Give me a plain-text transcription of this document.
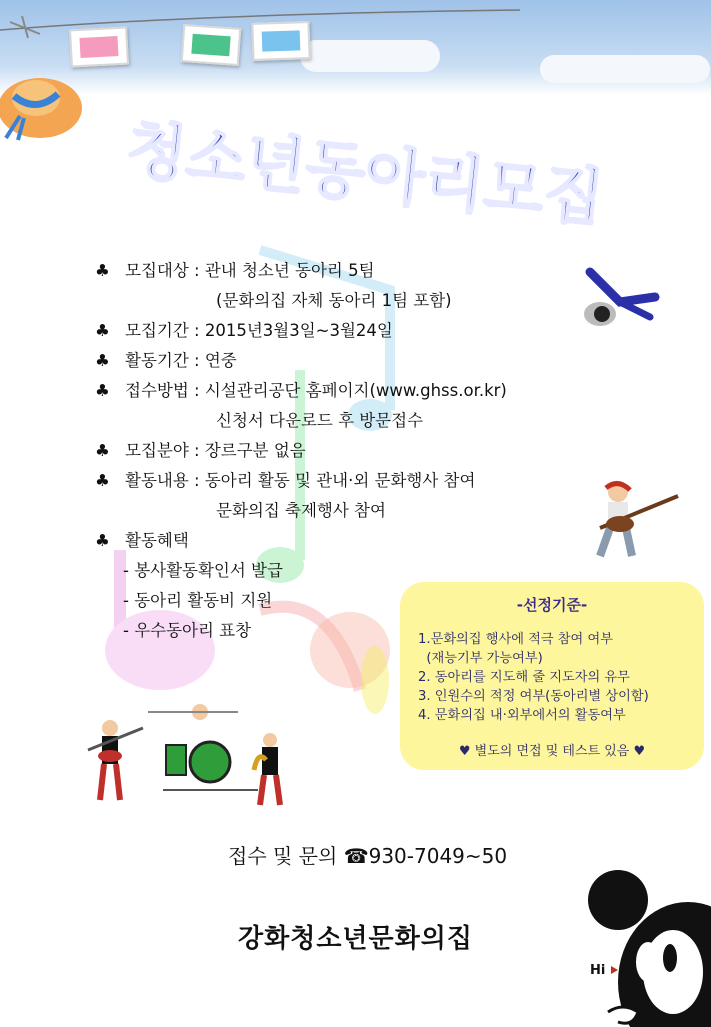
청소년동아리모집
♣ 모집대상 : 관내 청소년 동아리 5팀
(문화의집 자체 동아리 1팀 포함)
♣ 모집기간 : 2015년3월3일~3월24일
♣ 활동기간 : 연중
♣ 접수방법 : 시설관리공단 홈페이지(www.ghss.or.kr)
신청서 다운로드 후 방문접수
♣ 모집분야 : 장르구분 없음
♣ 활동내용 : 동아리 활동 및 관내·외 문화행사 참여
문화의집 축제행사 참여
♣ 활동혜택
- 봉사활동확인서 발급
- 동아리 활동비 지원
- 우수동아리 표창
-선정기준-
1.문화의집 행사에 적극 참여 여부
(재능기부 가능여부)
2. 동아리를 지도해 줄 지도자의 유무
3. 인원수의 적정 여부(동아리별 상이함)
4. 문화의집 내·외부에서의 활동여부
♥ 별도의 면접 및 테스트 있음 ♥
접수 및 문의 ☎930-7049~50
강화청소년문화의집
Hi
